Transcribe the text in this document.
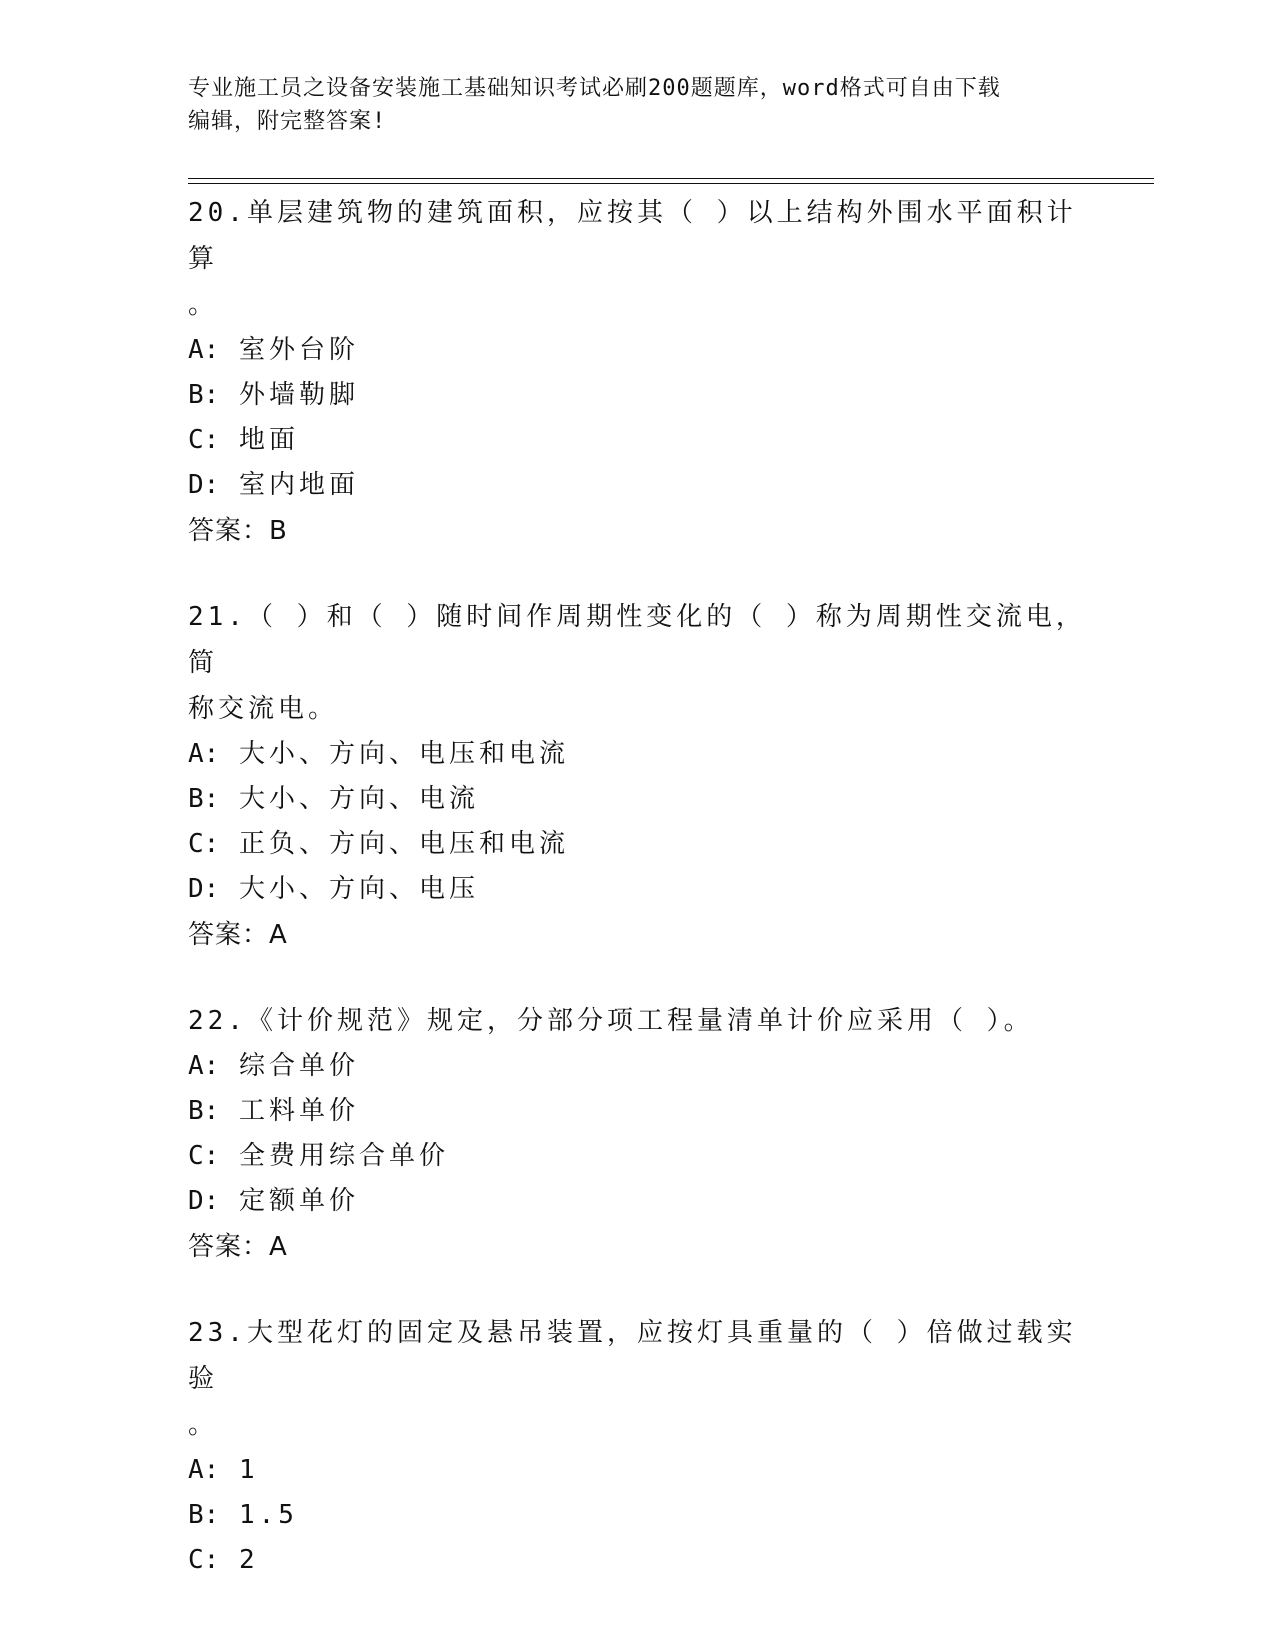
专业施工员之设备安装施工基础知识考试必刷200题题库，word格式可自由下载
编辑，附完整答案!
20.单层建筑物的建筑面积，应按其（ ）以上结构外围水平面积计算
。
A: 室外台阶
B: 外墙勒脚
C: 地面
D: 室内地面
答案：B
21.（ ）和（ ）随时间作周期性变化的（ ）称为周期性交流电，简
称交流电。
A: 大小、方向、电压和电流
B: 大小、方向、电流
C: 正负、方向、电压和电流
D: 大小、方向、电压
答案：A
22.《计价规范》规定，分部分项工程量清单计价应采用（ ）。
A: 综合单价
B: 工料单价
C: 全费用综合单价
D: 定额单价
答案：A
23.大型花灯的固定及悬吊装置，应按灯具重量的（ ）倍做过载实验
。
A: 1
B: 1.5
C: 2
